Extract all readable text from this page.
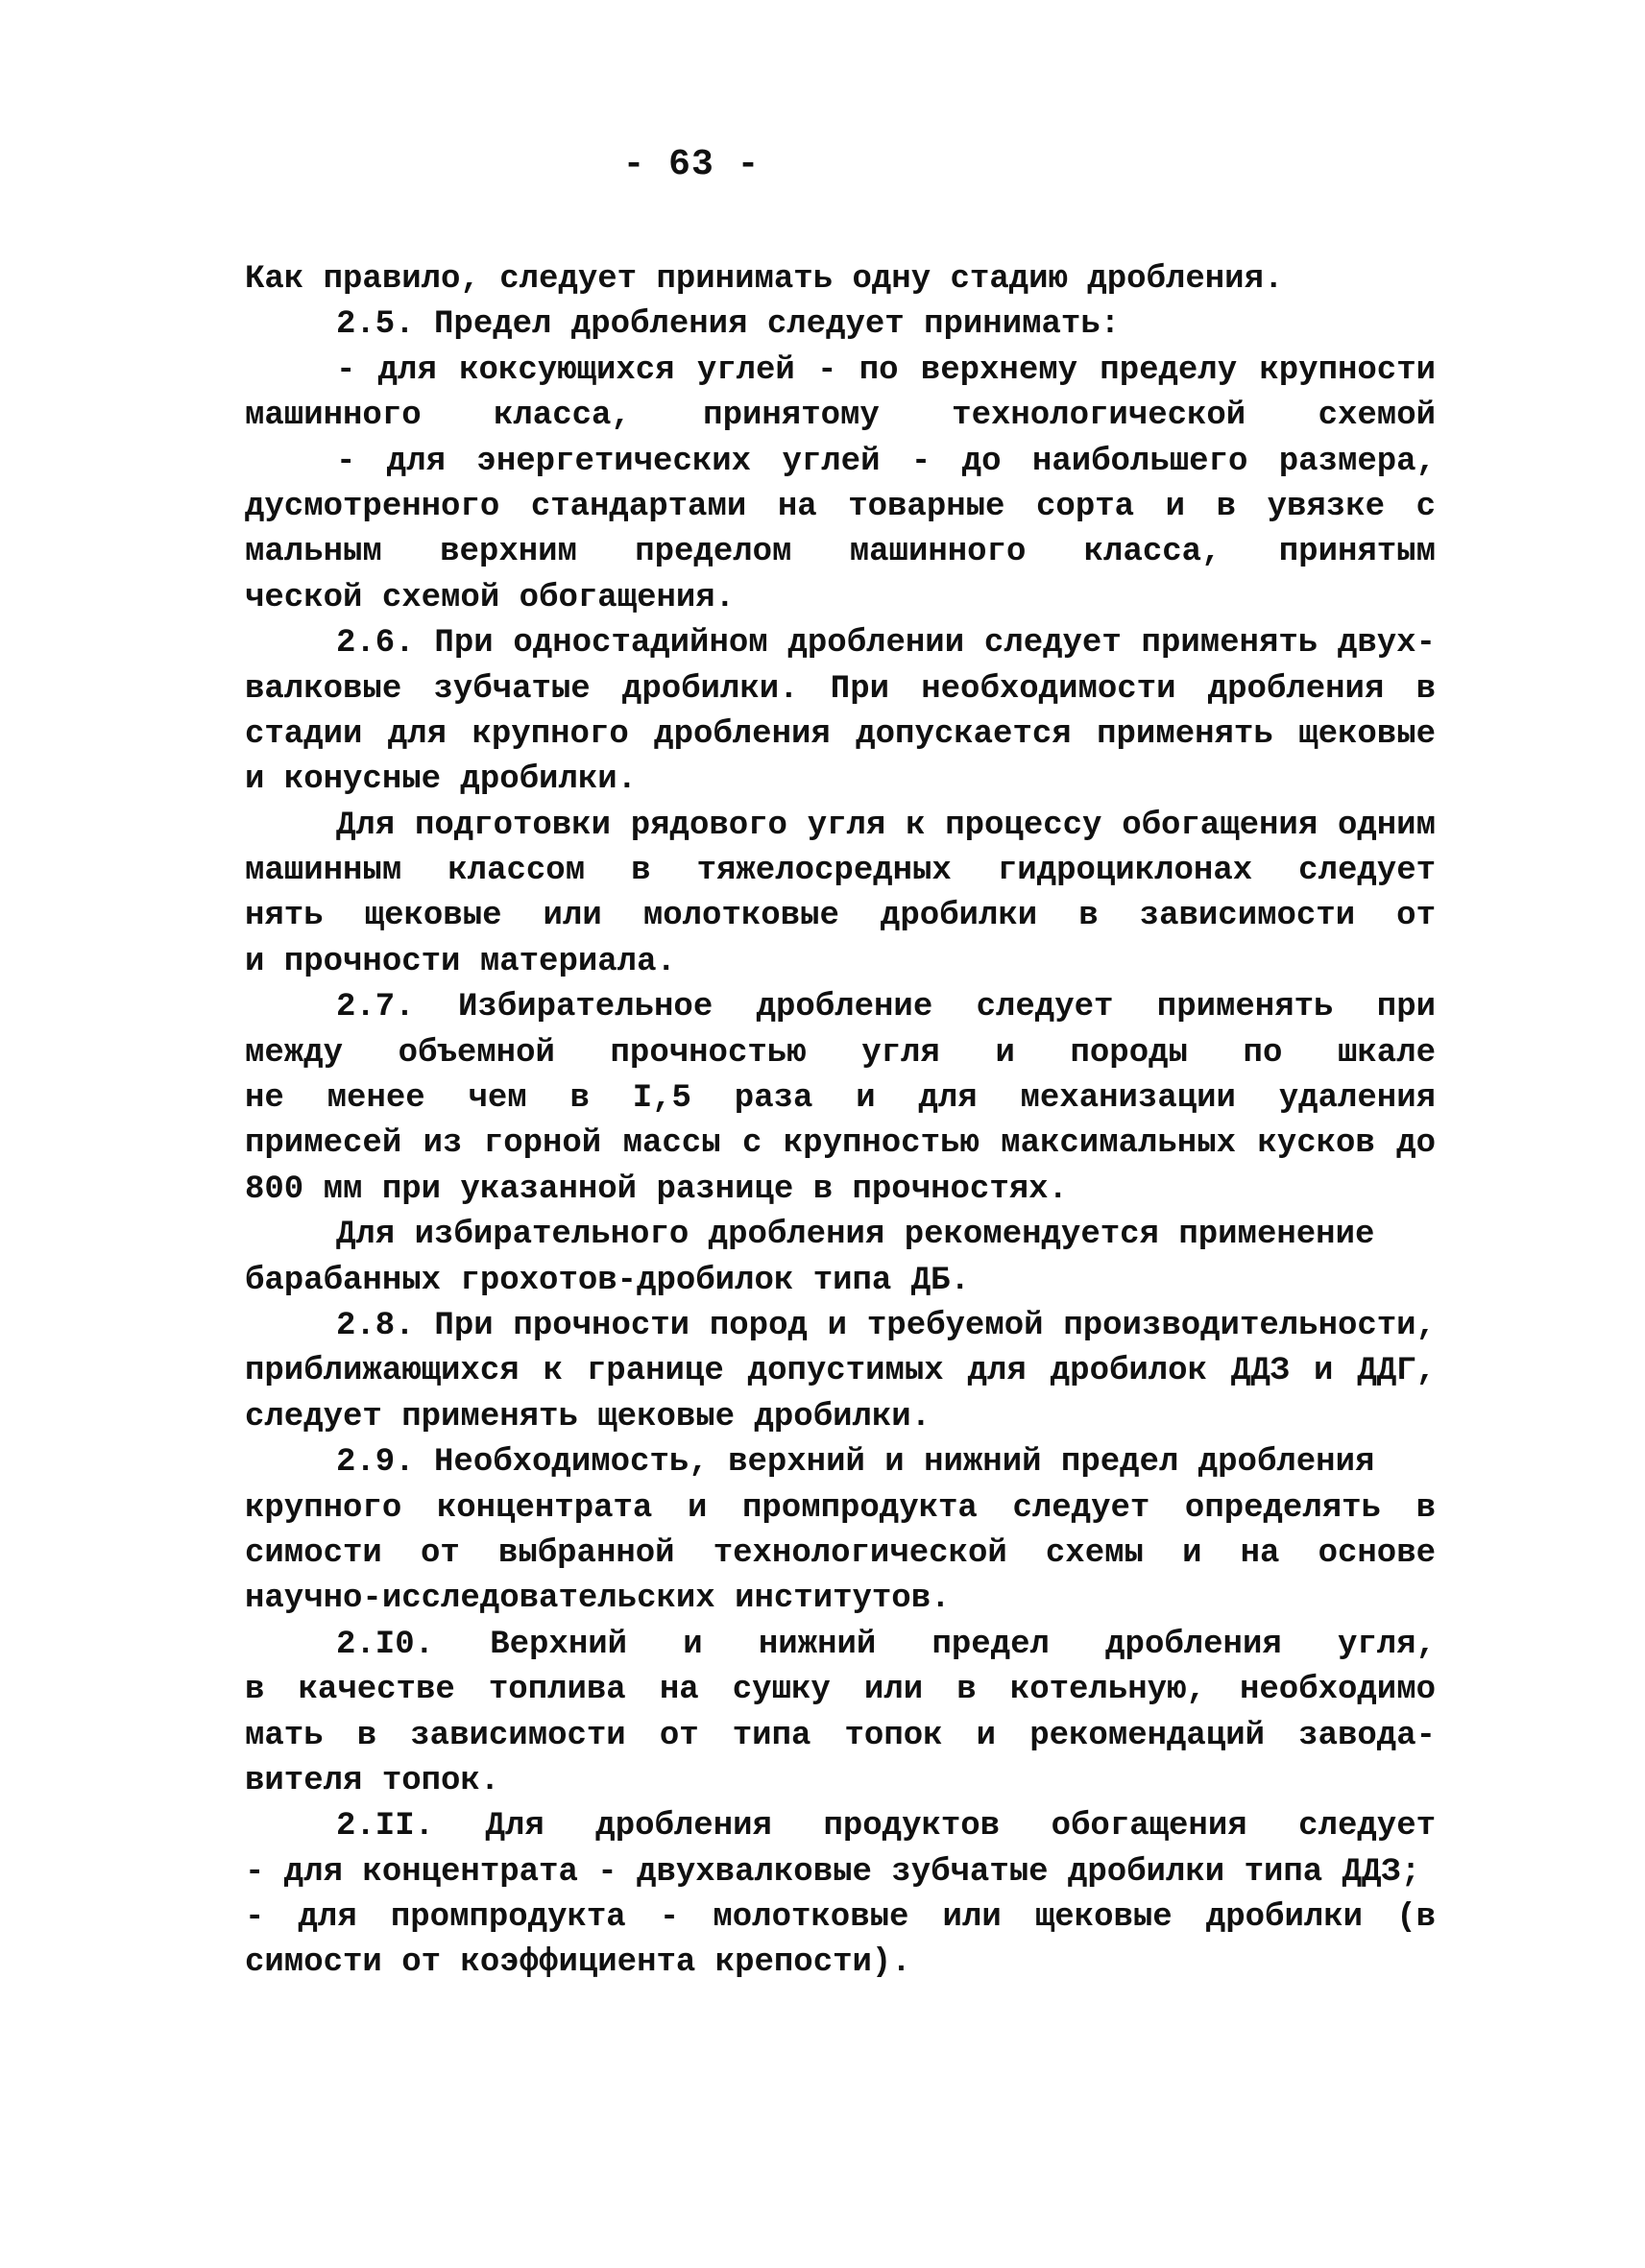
- 63 -
Как правило, следует принимать одну стадию дробления.
2.5. Предел дробления следует принимать:
- для коксующихся углей - по верхнему пределу крупности
машинного класса, принятому технологической схемой
- для энергетических углей - до наибольшего размера,
дусмотренного стандартами на товарные сорта и в увязке с
мальным верхним пределом машинного класса, принятым
ческой схемой обогащения.
2.6. При одностадийном дроблении следует применять двух-
валковые зубчатые дробилки. При необходимости дробления в
стадии для крупного дробления допускается применять щековые
и конусные дробилки.
Для подготовки рядового угля к процессу обогащения одним
машинным классом в тяжелосредных гидроциклонах следует
нять щековые или молотковые дробилки в зависимости от
и прочности материала.
2.7. Избирательное дробление следует применять при
между объемной прочностью угля и породы по шкале
не менее чем в I,5 раза и для механизации удаления
примесей из горной массы с крупностью максимальных кусков до
800 мм при указанной разнице в прочностях.
Для избирательного дробления рекомендуется применение
барабанных грохотов-дробилок типа ДБ.
2.8. При прочности пород и требуемой производительности,
приближающихся к границе допустимых для дробилок ДДЗ и ДДГ,
следует применять щековые дробилки.
2.9. Необходимость, верхний и нижний предел дробления
крупного концентрата и промпродукта следует определять в
симости от выбранной технологической схемы и на основе
научно-исследовательских институтов.
2.I0. Верхний и нижний предел дробления угля,
в качестве топлива на сушку или в котельную, необходимо
мать в зависимости от типа топок и рекомендаций завода-
вителя топок.
2.II. Для дробления продуктов обогащения следует
- для концентрата - двухвалковые зубчатые дробилки типа ДДЗ;
- для промпродукта - молотковые или щековые дробилки (в
симости от коэффициента крепости).
